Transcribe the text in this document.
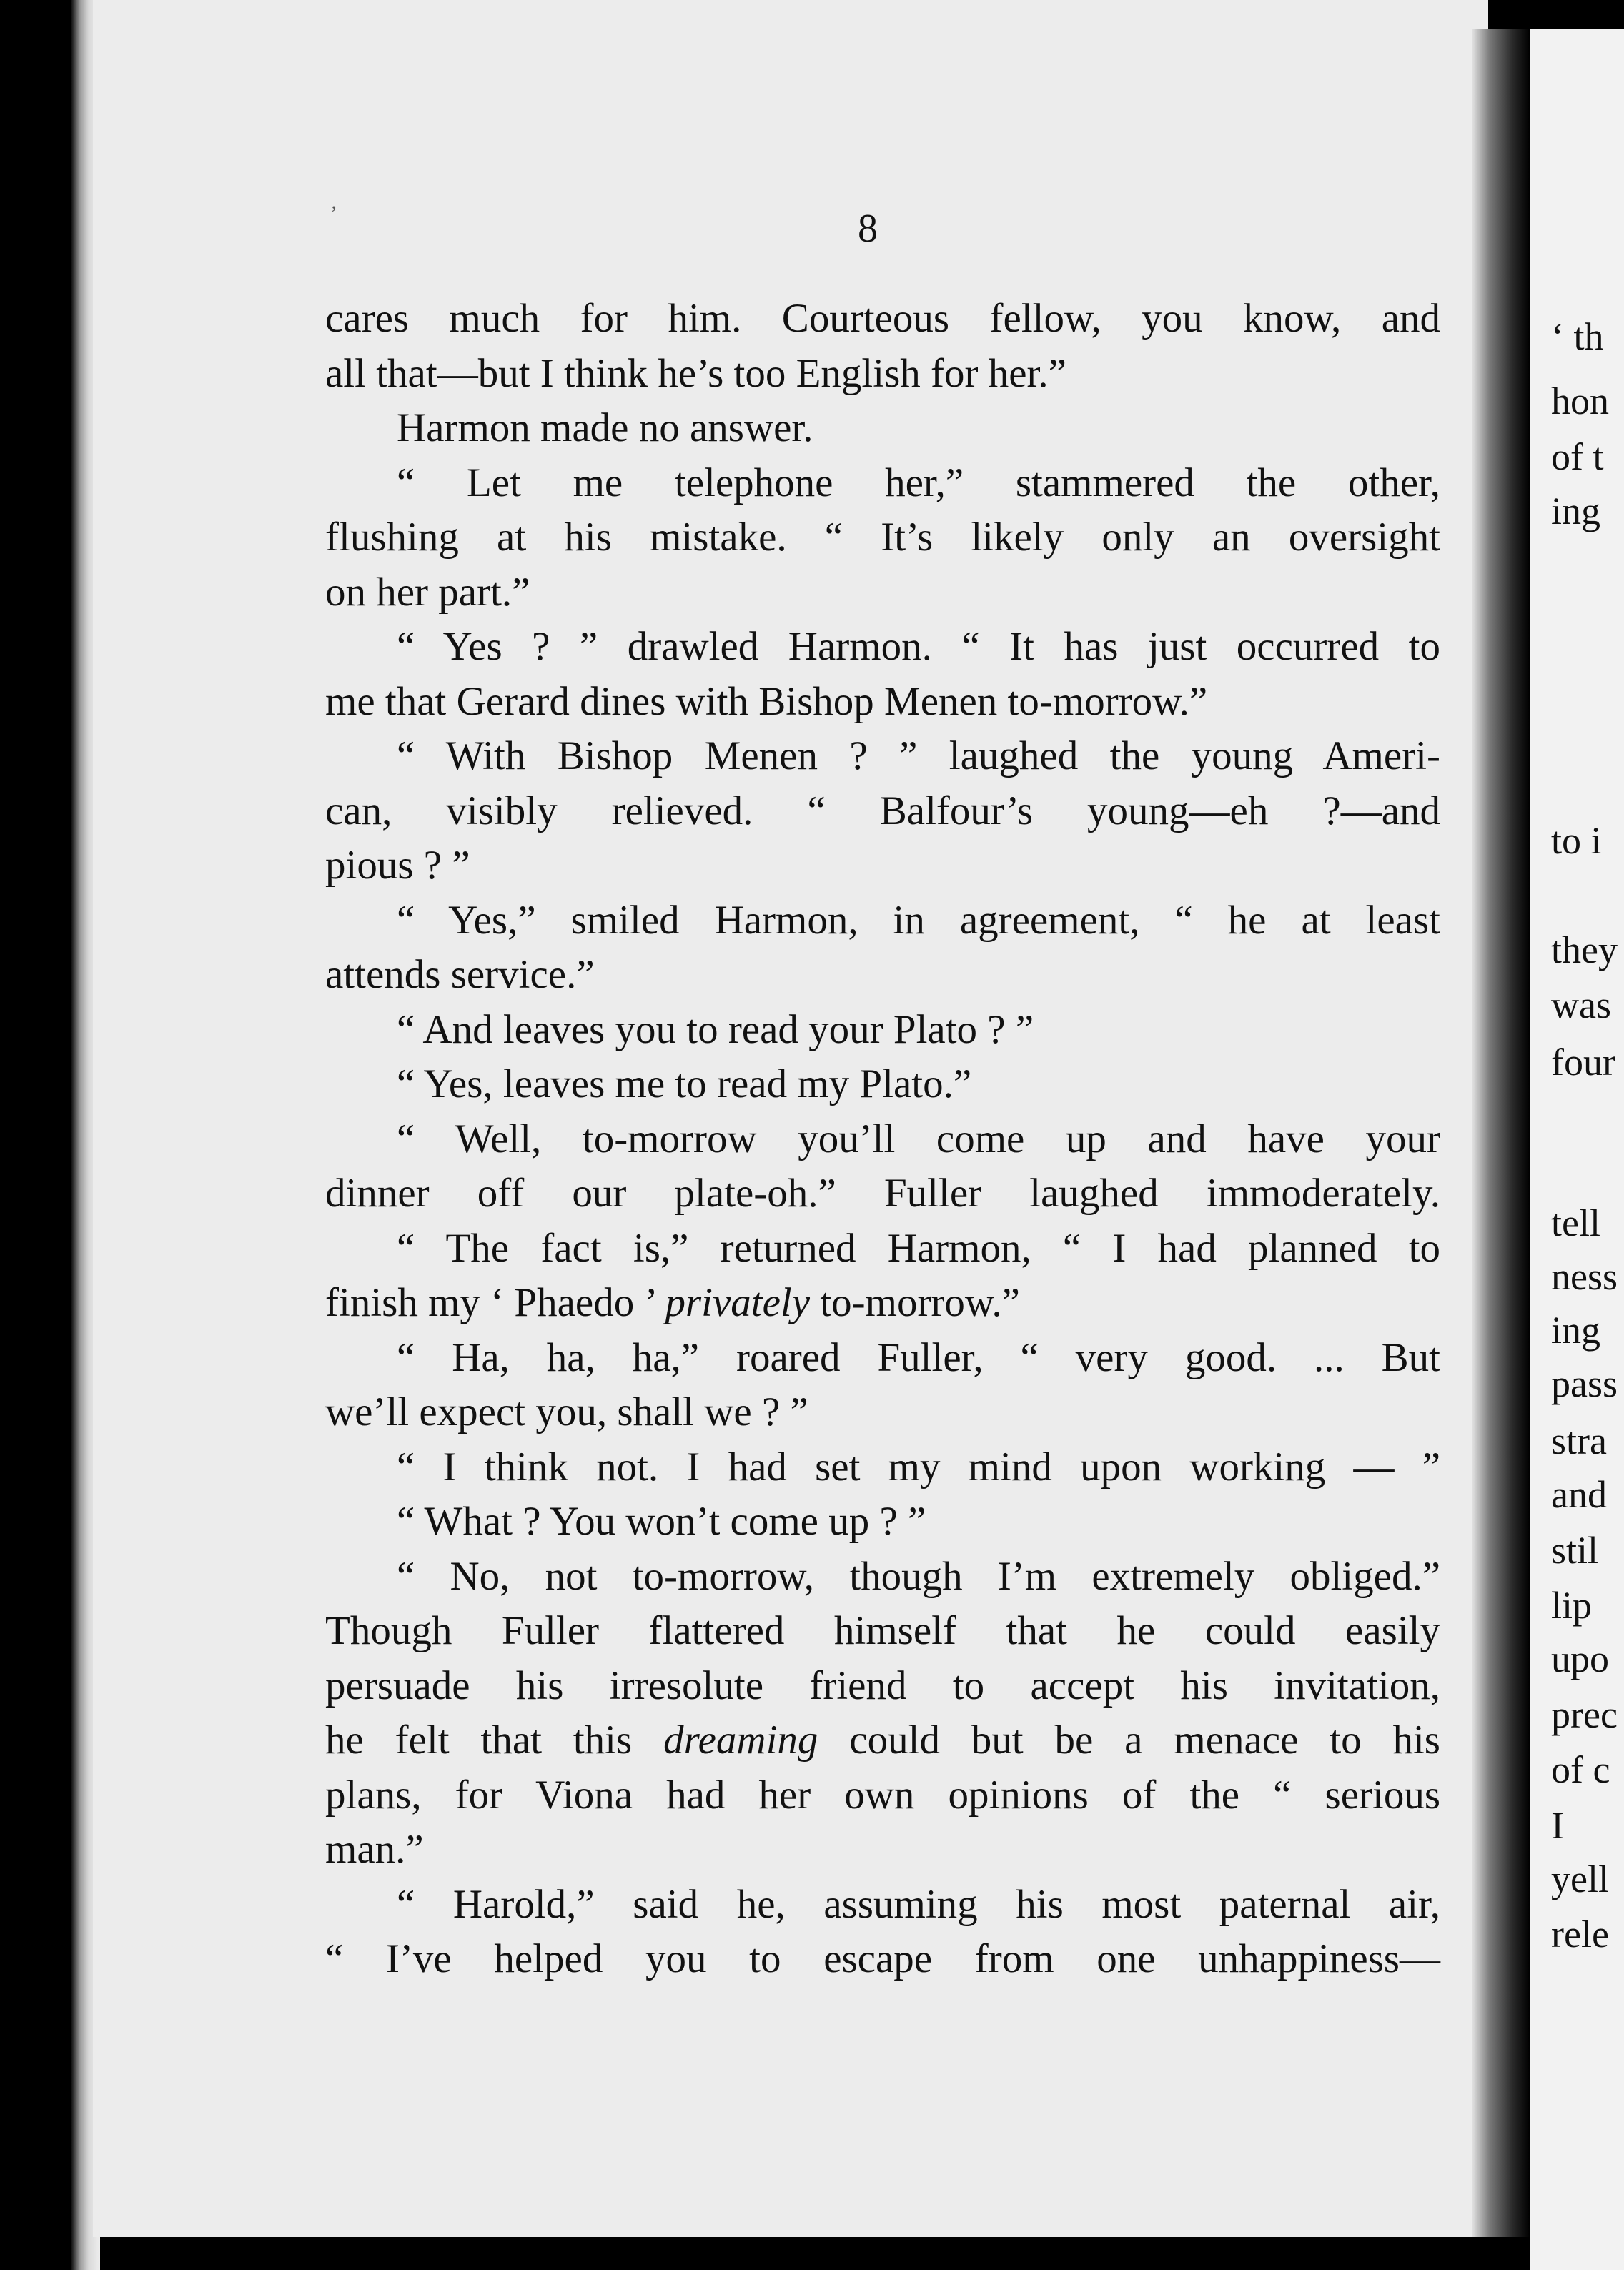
‘ th
hon
of t
ing
to i
they
was
four
tell
ness
ing
pass
stra
and
stil
lip
upo
prec
of c
I
yell
rele
’	8
cares much for him. Courteous fellow, you know, and
all that—but I think he’s too English for her.”
Harmon made no answer.
“ Let me telephone her,” stammered the other,
flushing at his mistake. “ It’s likely only an oversight
on her part.”
“ Yes ? ” drawled Harmon. “ It has just occurred to
me that Gerard dines with Bishop Menen to-morrow.”
“ With Bishop Menen ? ” laughed the young Ameri-
can, visibly relieved. “ Balfour’s young—eh ?—and
pious ? ”
“ Yes,” smiled Harmon, in agreement, “ he at least
attends service.”
“ And leaves you to read your Plato ? ”
“ Yes, leaves me to read my Plato.”
“ Well, to-morrow you’ll come up and have your
dinner off our plate-oh.” Fuller laughed immoderately.
“ The fact is,” returned Harmon, “ I had planned to
finish my ‘ Phaedo ’ privately to-morrow.”
“ Ha, ha, ha,” roared Fuller, “ very good. ... But
we’ll expect you, shall we ? ”
“ I think not. I had set my mind upon working — ”
“ What ? You won’t come up ? ”
“ No, not to-morrow, though I’m extremely obliged.”
Though Fuller flattered himself that he could easily
persuade his irresolute friend to accept his invitation,
he felt that this dreaming could but be a menace to his
plans, for Viona had her own opinions of the “ serious
man.”
“ Harold,” said he, assuming his most paternal air,
“ I’ve helped you to escape from one unhappiness—
